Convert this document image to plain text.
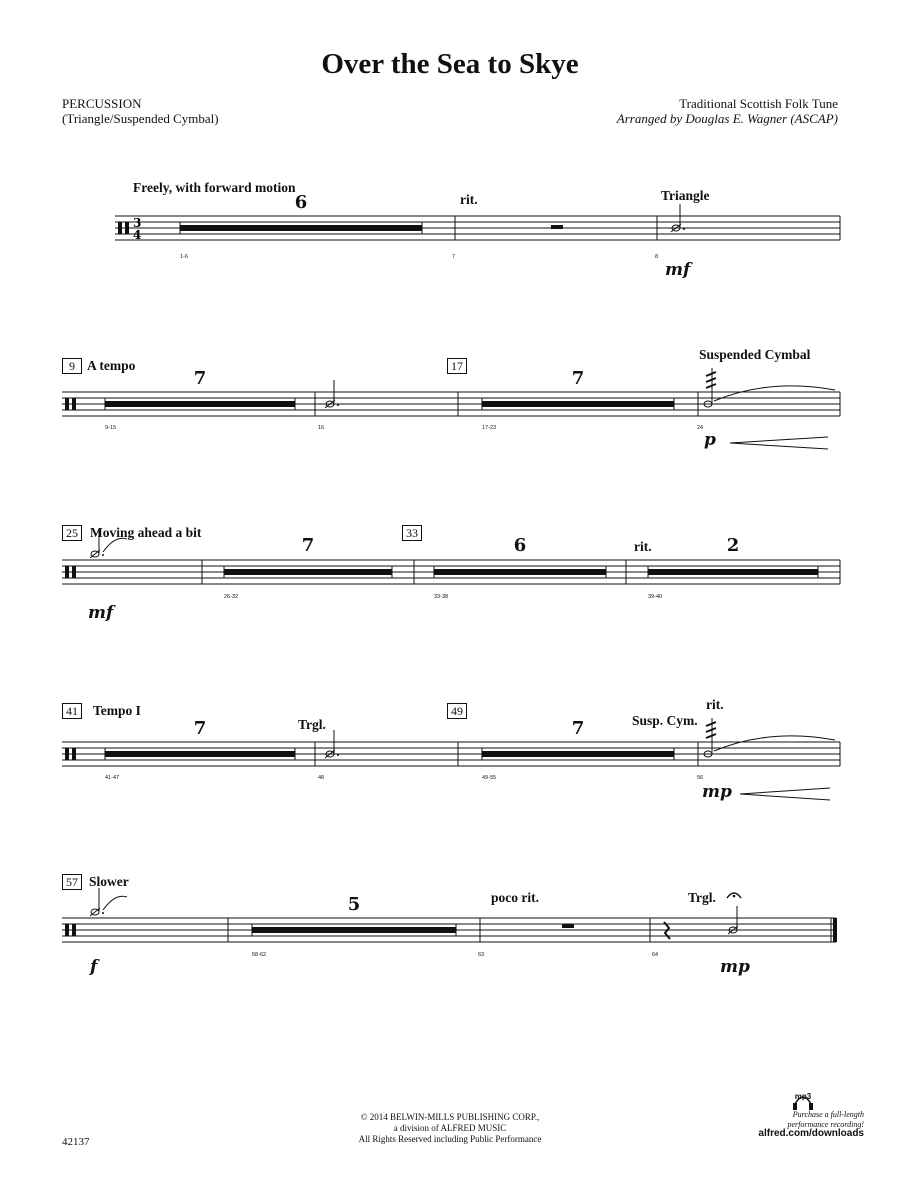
Over the Sea to Skye
PERCUSSION
(Triangle/Suspended Cymbal)
Traditional Scottish Folk Tune
Arranged by Douglas E. Wagner (ASCAP)
3
4
Freely, with forward motion
rit.	Triangle
6
1-6	7	8
mf
9 A tempo	17
Suspended Cymbal
7	7
9-15	16	17-23	24
p
25 Moving ahead a bit	33
rit.
7	6	2
26-32	33-38	39-40
mf
41 Tempo I
Trgl.
49	rit.
Susp. Cym.
7	7
41-47	48	49-55	56
mp
57 Slower
poco rit.	Trgl.
5
58-62	63	64
f	mp
© 2014 BELWIN-MILLS PUBLISHING CORP.,
a division of ALFRED MUSIC
All Rights Reserved including Public Performance
42137
mp3
Purchase a full-length
performance recording!
alfred.com/downloads
